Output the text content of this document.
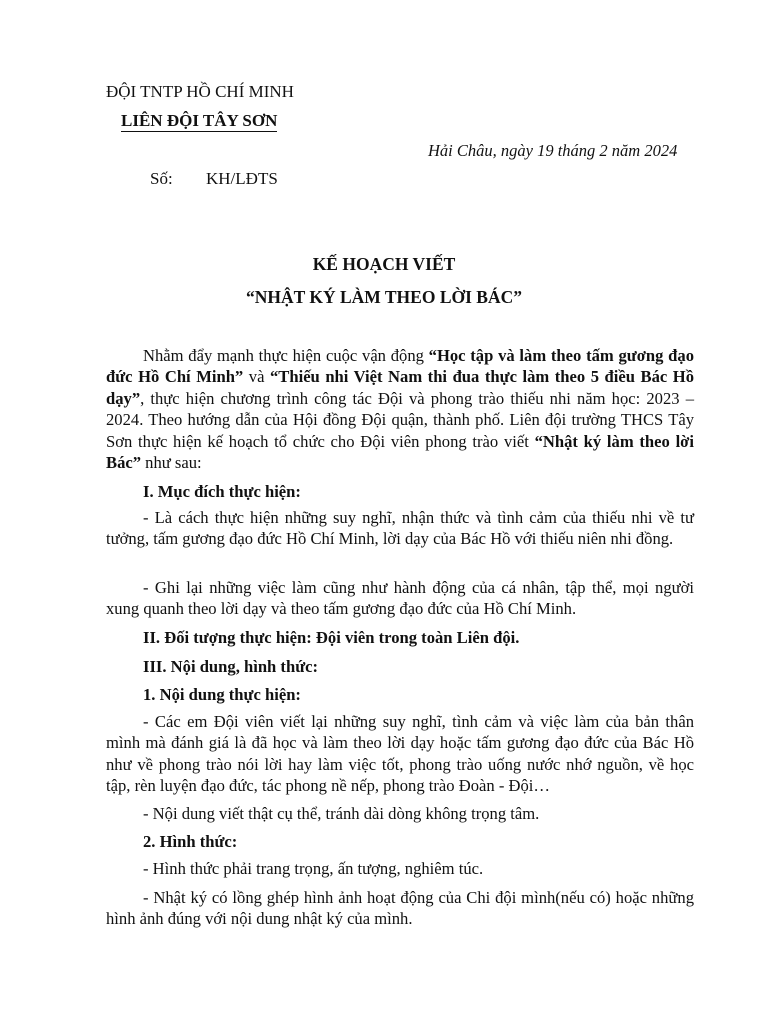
ĐỘI TNTP HỒ CHÍ MINH
LIÊN ĐỘI TÂY SƠN
Hải Châu, ngày 19 tháng 2 năm 2024
Số: KH/LĐTS
KẾ HOẠCH VIẾT
“NHẬT KÝ LÀM THEO LỜI BÁC”
Nhằm đẩy mạnh thực hiện cuộc vận động “Học tập và làm theo tấm gương đạo đức Hồ Chí Minh” và “Thiếu nhi Việt Nam thi đua thực làm theo 5 điều Bác Hồ dạy”, thực hiện chương trình công tác Đội và phong trào thiếu nhi năm học: 2023 – 2024. Theo hướng dẫn của Hội đồng Đội quận, thành phố. Liên đội trường THCS Tây Sơn thực hiện kế hoạch tổ chức cho Đội viên phong trào viết “Nhật ký làm theo lời Bác” như sau:
I. Mục đích thực hiện:
- Là cách thực hiện những suy nghĩ, nhận thức và tình cảm của thiếu nhi về tư tưởng, tấm gương đạo đức Hồ Chí Minh, lời dạy của Bác Hồ với thiếu niên nhi đồng.
- Ghi lại những việc làm cũng như hành động của cá nhân, tập thể, mọi người xung quanh theo lời dạy và theo tấm gương đạo đức của Hồ Chí Minh.
II. Đối tượng thực hiện: Đội viên trong toàn Liên đội.
III. Nội dung, hình thức:
1. Nội dung thực hiện:
- Các em Đội viên viết lại những suy nghĩ, tình cảm và việc làm của bản thân mình mà đánh giá là đã học và làm theo lời dạy hoặc tấm gương đạo đức của Bác Hồ như về phong trào nói lời hay làm việc tốt, phong trào uống nước nhớ nguồn, về học tập, rèn luyện đạo đức, tác phong nề nếp, phong trào Đoàn - Đội…
- Nội dung viết thật cụ thể, tránh dài dòng không trọng tâm.
2. Hình thức:
- Hình thức phải trang trọng, ấn tượng, nghiêm túc.
- Nhật ký có lồng ghép hình ảnh hoạt động của Chi đội mình(nếu có) hoặc những hình ảnh đúng với nội dung nhật ký của mình.
